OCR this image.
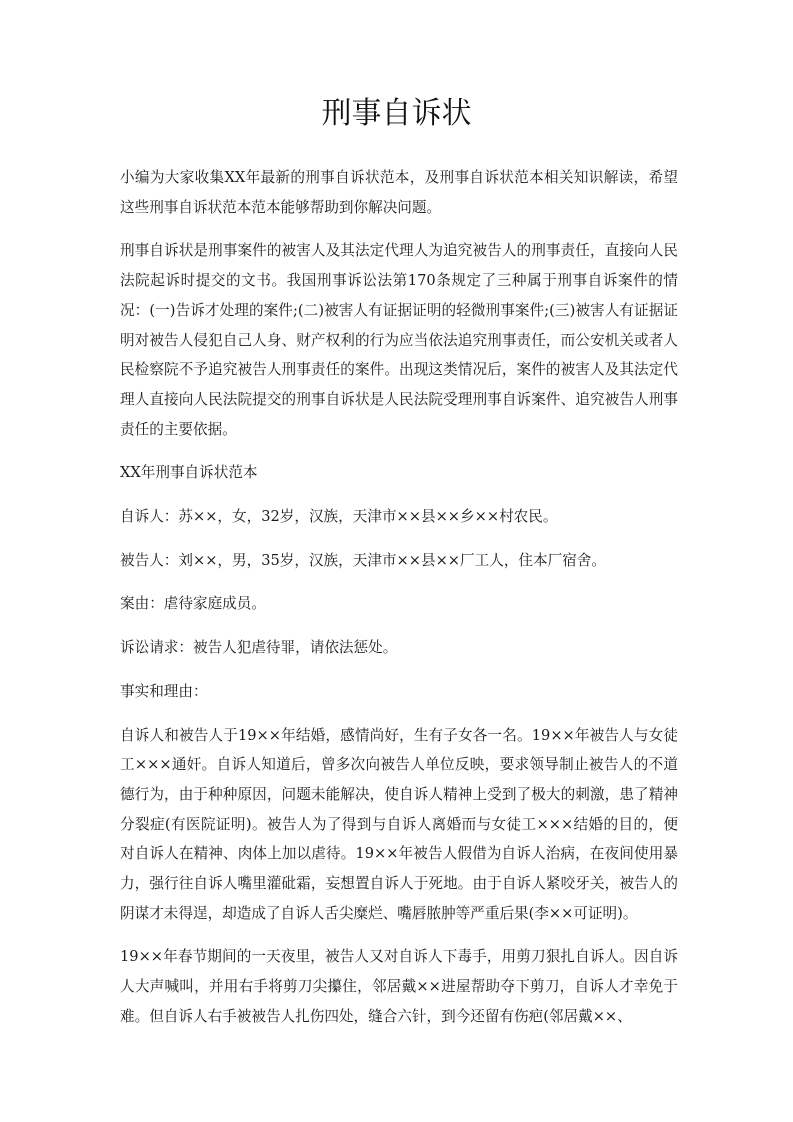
刑事自诉状

小编为大家收集XX年最新的刑事自诉状范本，及刑事自诉状范本相关知识解读，希望这些刑事自诉状范本范本能够帮助到你解决问题。

刑事自诉状是刑事案件的被害人及其法定代理人为追究被告人的刑事责任，直接向人民法院起诉时提交的文书。我国刑事诉讼法第170条规定了三种属于刑事自诉案件的情况：(一)告诉才处理的案件;(二)被害人有证据证明的轻微刑事案件;(三)被害人有证据证明对被告人侵犯自己人身、财产权利的行为应当依法追究刑事责任，而公安机关或者人民检察院不予追究被告人刑事责任的案件。出现这类情况后，案件的被害人及其法定代理人直接向人民法院提交的刑事自诉状是人民法院受理刑事自诉案件、追究被告人刑事责任的主要依据。

XX年刑事自诉状范本

自诉人：苏××，女，32岁，汉族，天津市××县××乡××村农民。

被告人：刘××，男，35岁，汉族，天津市××县××厂工人，住本厂宿舍。

案由：虐待家庭成员。

诉讼请求：被告人犯虐待罪，请依法惩处。

事实和理由：

自诉人和被告人于19××年结婚，感情尚好，生有子女各一名。19××年被告人与女徒工×××通奸。自诉人知道后，曾多次向被告人单位反映，要求领导制止被告人的不道德行为，由于种种原因，问题未能解决，使自诉人精神上受到了极大的刺激，患了精神分裂症(有医院证明)。被告人为了得到与自诉人离婚而与女徒工×××结婚的目的，便对自诉人在精神、肉体上加以虐待。19××年被告人假借为自诉人治病，在夜间使用暴力，强行往自诉人嘴里灌砒霜，妄想置自诉人于死地。由于自诉人紧咬牙关，被告人的阴谋才未得逞，却造成了自诉人舌尖糜烂、嘴唇脓肿等严重后果(李××可证明)。

19××年春节期间的一天夜里，被告人又对自诉人下毒手，用剪刀狠扎自诉人。因自诉人大声喊叫，并用右手将剪刀尖攥住，邻居戴××进屋帮助夺下剪刀，自诉人才幸免于难。但自诉人右手被被告人扎伤四处，缝合六针，到今还留有伤疤(邻居戴××、
